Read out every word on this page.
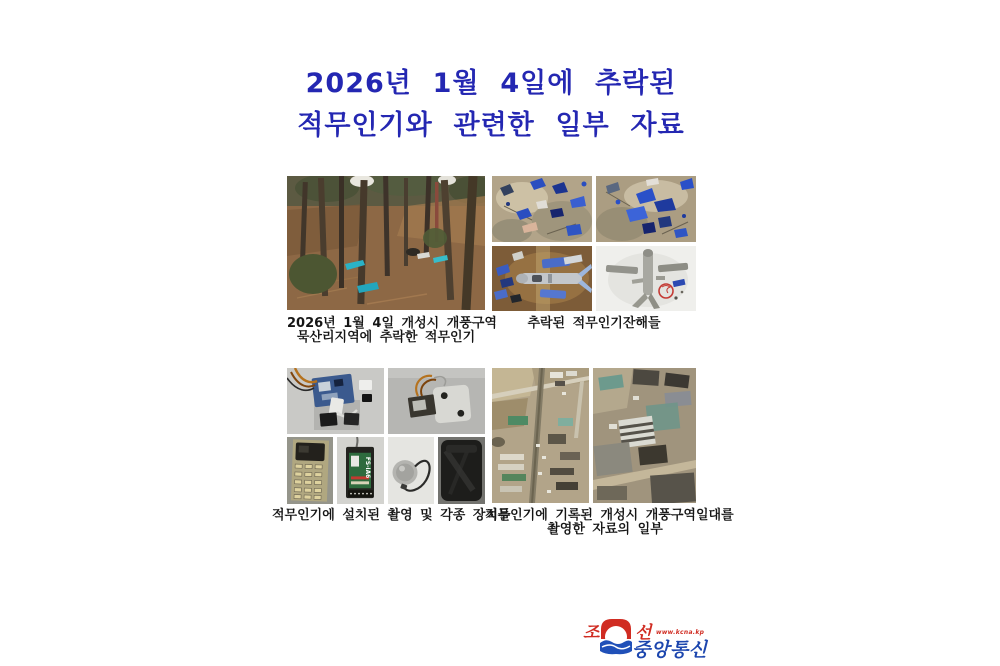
2026년  1월  4일에  추락된
적무인기와  관련한  일부  자료
2026년 1월 4일 개성시 개풍구역
묵산리지역에 추락한 적무인기
추락된 적무인기잔해들
FS-iA6
적무인기에 설치된 촬영 및 각종 장치들
적무인기에 기록된 개성시 개풍구역일대를
촬영한 자료의 일부
조 선 www.kcna.kp
중앙통신
